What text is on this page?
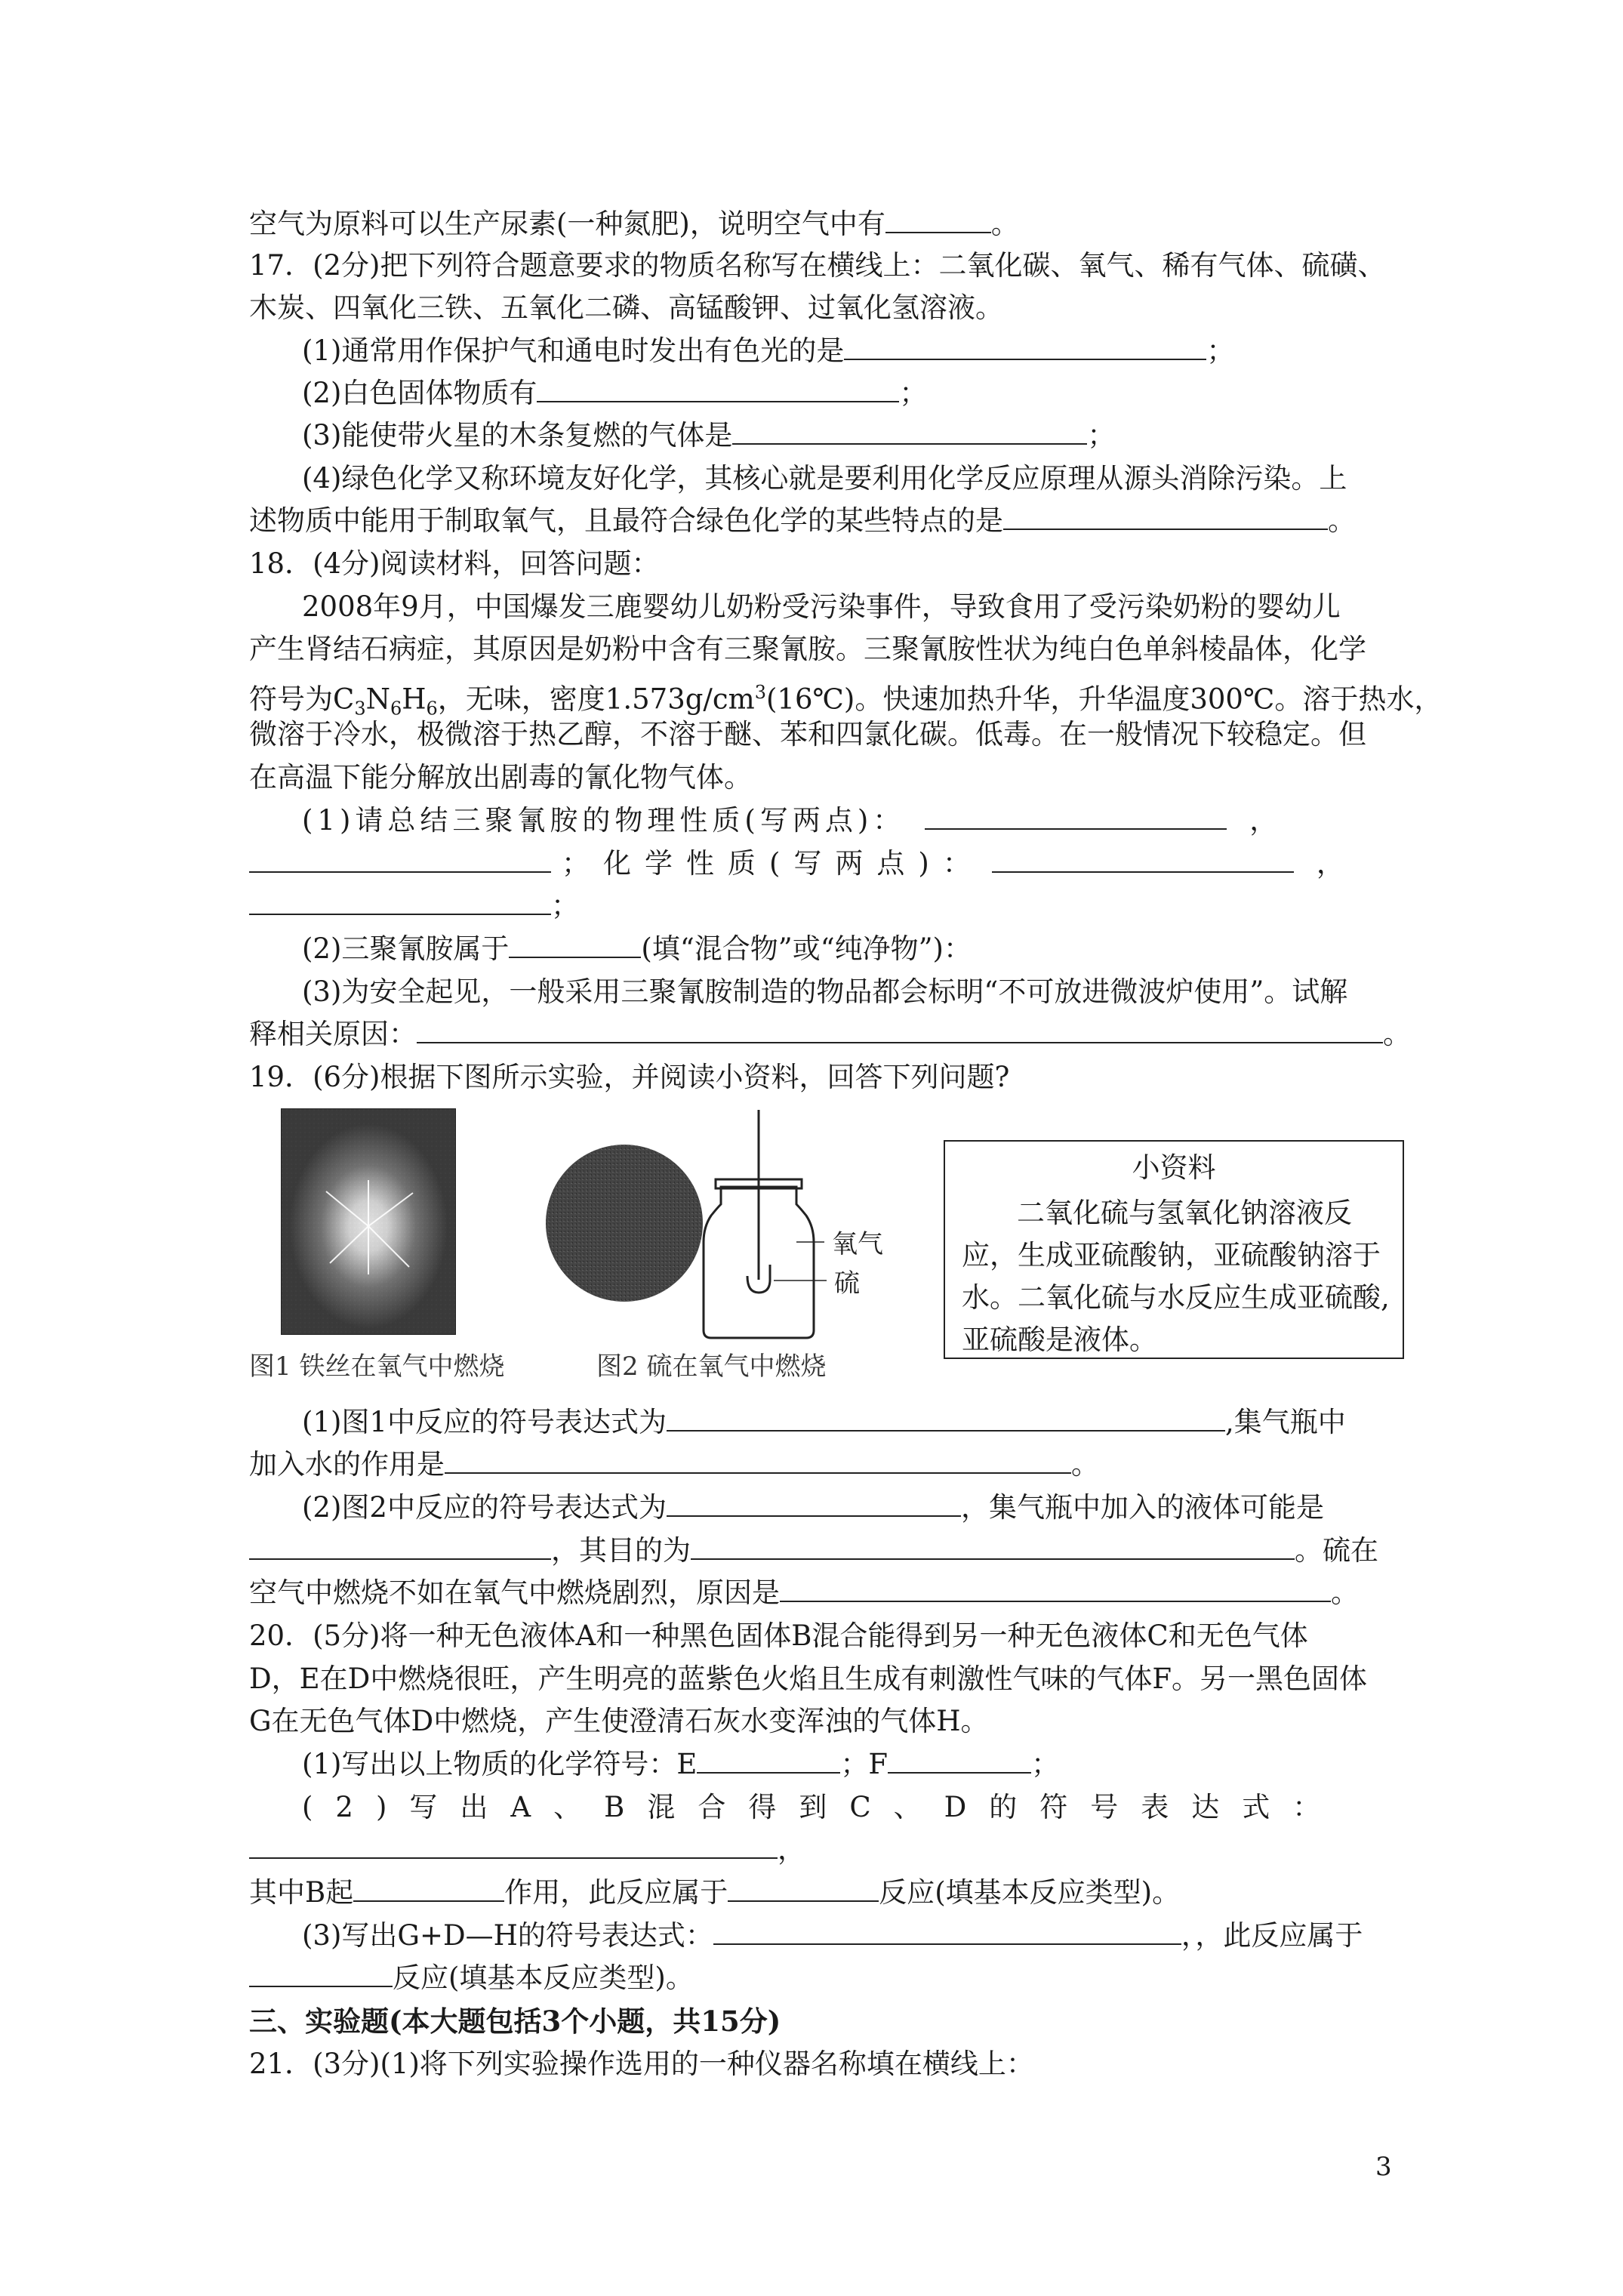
空气为原料可以生产尿素(一种氮肥)，说明空气中有	。
17．(2分)把下列符合题意要求的物质名称写在横线上：二氧化碳、氧气、稀有气体、硫磺、
木炭、四氧化三铁、五氧化二磷、高锰酸钾、过氧化氢溶液。
(1)通常用作保护气和通电时发出有色光的是	；
(2)白色固体物质有	；
(3)能使带火星的木条复燃的气体是	；
(4)绿色化学又称环境友好化学，其核心就是要利用化学反应原理从源头消除污染。上
述物质中能用于制取氧气，且最符合绿色化学的某些特点的是	。
18．(4分)阅读材料，回答问题：
2008年9月，中国爆发三鹿婴幼儿奶粉受污染事件，导致食用了受污染奶粉的婴幼儿
产生肾结石病症，其原因是奶粉中含有三聚氰胺。三聚氰胺性状为纯白色单斜棱晶体，化学
符号为$C_3N_6H_6$，无味，密度$1.573g/cm^3(16℃)$。快速加热升华，升华温度300℃。溶于热水，
微溶于冷水，极微溶于热乙醇，不溶于醚、苯和四氯化碳。低毒。在一般情况下较稳定。但
在高温下能分解放出剧毒的氰化物气体。
(1)请总结三聚氰胺的物理性质(写两点)：	，
；化学性质(写两点)：	，
；
(2)三聚氰胺属于	(填“混合物”或“纯净物”)：
(3)为安全起见，一般采用三聚氰胺制造的物品都会标明“不可放进微波炉使用”。试解
释相关原因：	。
19．(6分)根据下图所示实验，并阅读小资料，回答下列问题?
图1 铁丝在氧气中燃烧
氧气
硫
图2 硫在氧气中燃烧
小资料
二氧化硫与氢氧化钠溶液反
应，生成亚硫酸钠，亚硫酸钠溶于
水。二氧化硫与水反应生成亚硫酸,
亚硫酸是液体。
(1)图1中反应的符号表达式为	,集气瓶中
加入水的作用是	。
(2)图2中反应的符号表达式为	，集气瓶中加入的液体可能是
，其目的为	。硫在
空气中燃烧不如在氧气中燃烧剧烈，原因是	。
20．(5分)将一种无色液体A和一种黑色固体B混合能得到另一种无色液体C和无色气体
D，E在D中燃烧很旺，产生明亮的蓝紫色火焰且生成有刺激性气味的气体F。另一黑色固体
G在无色气体D中燃烧，产生使澄清石灰水变浑浊的气体H。
(1)写出以上物质的化学符号：E	；F	；
(2)写出A、B混合得到C、D的符号表达式：
，
其中B起	作用，此反应属于	反应(填基本反应类型)。
(3)写出G+D—H的符号表达式：	，，此反应属于
反应(填基本反应类型)。
三、实验题(本大题包括3个小题，共15分)
21．(3分)(1)将下列实验操作选用的一种仪器名称填在横线上：
3
